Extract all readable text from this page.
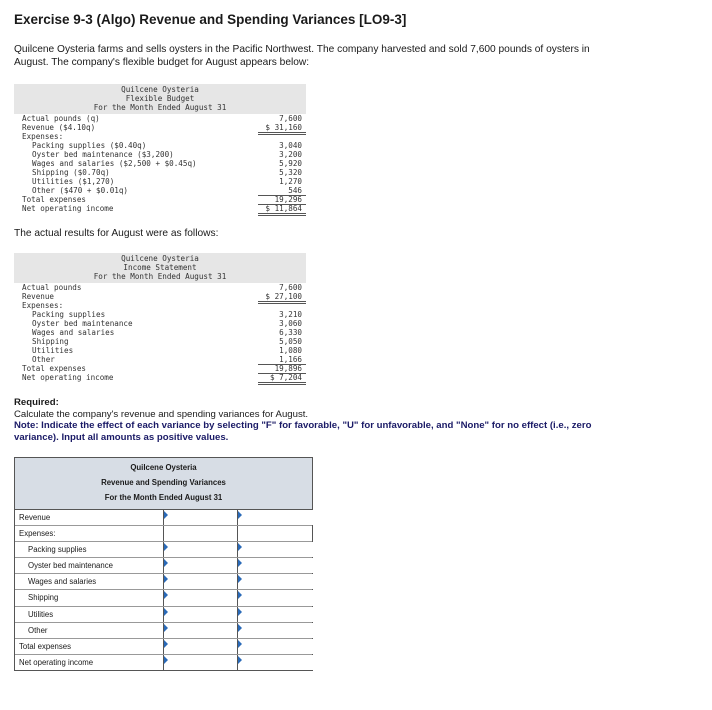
Exercise 9-3 (Algo) Revenue and Spending Variances [LO9-3]
Quilcene Oysteria farms and sells oysters in the Pacific Northwest. The company harvested and sold 7,600 pounds of oysters in August. The company's flexible budget for August appears below:
Quilcene Oysteria
Flexible Budget
For the Month Ended August 31
Actual pounds (q)	7,600
Revenue ($4.10q)	$ 31,160
Expenses:
Packing supplies ($0.40q)	3,040
Oyster bed maintenance ($3,200)	3,200
Wages and salaries ($2,500 + $0.45q)	5,920
Shipping ($0.70q)	5,320
Utilities ($1,270)	1,270
Other ($470 + $0.01q)	546
Total expenses	19,296
Net operating income	$ 11,864
The actual results for August were as follows:
Quilcene Oysteria
Income Statement
For the Month Ended August 31
Actual pounds	7,600
Revenue	$ 27,100
Expenses:
Packing supplies	3,210
Oyster bed maintenance	3,060
Wages and salaries	6,330
Shipping	5,050
Utilities	1,080
Other	1,166
Total expenses	19,896
Net operating income	$ 7,204
Required:
Calculate the company's revenue and spending variances for August.
Note: Indicate the effect of each variance by selecting "F" for favorable, "U" for unfavorable, and "None" for no effect (i.e., zero variance). Input all amounts as positive values.
Quilcene Oysteria
Revenue and Spending Variances
For the Month Ended August 31
Revenue
Expenses:
Packing supplies
Oyster bed maintenance
Wages and salaries
Shipping
Utilities
Other
Total expenses
Net operating income
